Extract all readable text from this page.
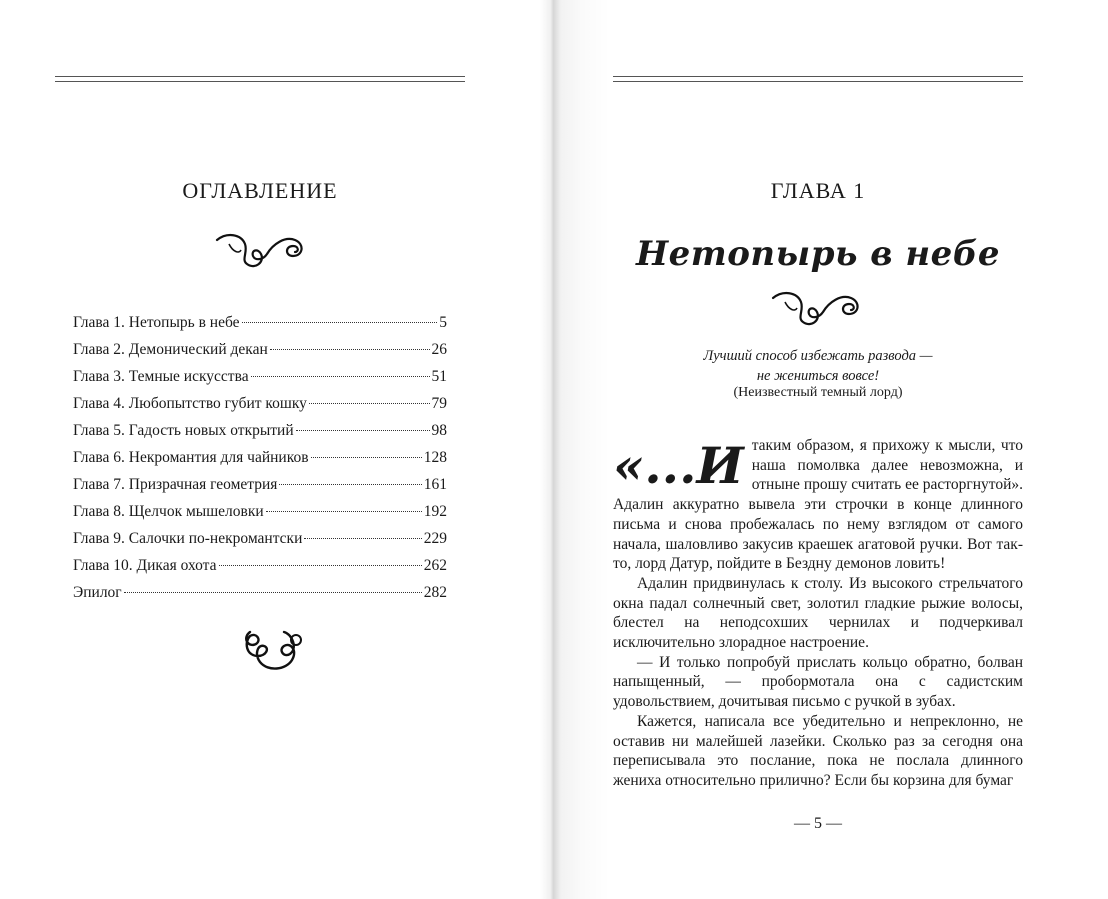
ОГЛАВЛЕНИЕ
Глава 1. Нетопырь в небе	5
Глава 2. Демонический декан	26
Глава 3. Темные искусства	51
Глава 4. Любопытство губит кошку	79
Глава 5. Гадость новых открытий	98
Глава 6. Некромантия для чайников	128
Глава 7. Призрачная геометрия	161
Глава 8. Щелчок мышеловки	192
Глава 9. Салочки по-некромантски	229
Глава 10. Дикая охота	262
Эпилог	282
ГЛАВА 1
Нетопырь в небе
Лучший способ избежать развода —
не жениться вовсе!
(Неизвестный темный лорд)
«...И таким образом, я прихожу к мысли, что наша помолвка далее невозможна, и отныне прошу считать ее расторгнутой». Адалин аккуратно вывела эти строчки в конце длинного письма и снова пробежалась по нему взглядом от самого начала, шаловливо закусив краешек агатовой ручки. Вот так-то, лорд Датур, пойдите в Бездну демонов ловить!

Адалин придвинулась к столу. Из высокого стрельчатого окна падал солнечный свет, золотил гладкие рыжие волосы, блестел на неподсохших чернилах и подчеркивал исключительно злорадное настроение.

— И только попробуй прислать кольцо обратно, болван напыщенный, — пробормотала она с садистским удовольствием, дочитывая письмо с ручкой в зубах.

Кажется, написала все убедительно и непреклонно, не оставив ни малейшей лазейки. Сколько раз за сегодня она переписывала это послание, пока не послала длинного жениха относительно прилично? Если бы корзина для бумаг

— 5 —
